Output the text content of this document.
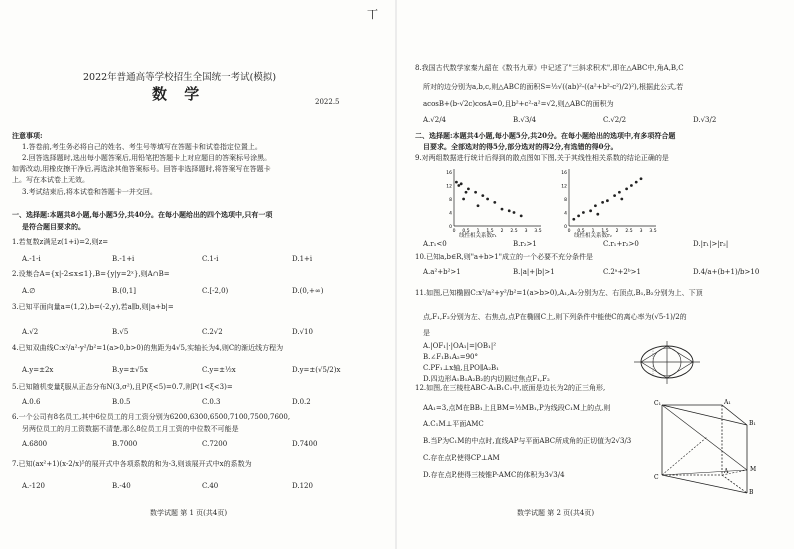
2022年普通高等学校招生全国统一考试(模拟)
数 学	2022.5
注意事项:
1.答卷前,考生务必将自己的姓名、考生号等填写在答题卡和试卷指定位置上。
2.回答选择题时,选出每小题答案后,用铅笔把答题卡上对应题目的答案标号涂黑。
如需改动,用橡皮擦干净后,再选涂其他答案标号。回答非选择题时,将答案写在答题卡
上。写在本试卷上无效。
3.考试结束后,将本试卷和答题卡一并交回。
一、选择题:本题共8小题,每小题5分,共40分。在每小题给出的四个选项中,只有一项
是符合题目要求的。
1.若复数z满足z(1+i)=2,则z=
A.-1-i	B.-1+i	C.1-i	D.1+i
2.设集合A={x|-2≤x≤1},B={y|y=2ˣ},则A∩B=
A.∅	B.(0,1]	C.[-2,0)	D.(0,+∞)
3.已知平面向量a=(1,2),b=(-2,y),若a∥b,则|a+b|=
A.√2	B.√5	C.2√2	D.√10
4.已知双曲线C:x²/a²-y²/b²=1(a>0,b>0)的焦距为4√5,实轴长为4,则C的渐近线方程为
A.y=±2x	B.y=±√5x	C.y=±½x	D.y=±(√5/2)x
5.已知随机变量ξ服从正态分布N(3,σ²),且P(ξ<5)=0.7,则P(1<ξ<3)=
A.0.6	B.0.5	C.0.3	D.0.2
6.一个公司有8名员工,其中6位员工的月工资分别为6200,6300,6500,7100,7500,7600,
另两位员工的月工资数据不清楚,那么8位员工月工资的中位数不可能是
A.6800	B.7000	C.7200	D.7400
7.已知(ax²+1)(x-2/x)⁵的展开式中各项系数的和为-3,则该展开式中x的系数为
A.-120	B.-40	C.40	D.120
数学试题 第 1 页(共4页)
丅
8.我国古代数学家秦九韶在《数书九章》中记述了"三斜求积术",即在△ABC中,角A,B,C
所对的边分别为a,b,c,则△ABC的面积S=½√((ab)²-((a²+b²-c²)/2)²),根据此公式,若
acosB+(b-√2c)cosA=0,且b²+c²-a²=√2,则△ABC的面积为
A.√2/4	B.√3/4	C.√2/2	D.√3/2
二、选择题:本题共4小题,每小题5分,共20分。在每小题给出的选项中,有多项符合题
目要求。全部选对的得5分,部分选对的得2分,有选错的得0分。
9.对两组数据进行统计后得到的散点图如下图,关于其线性相关系数的结论正确的是
0
4
8
12
16
0 0.5 1 1.5 2 2.5 3 3.5
0
4
8
12
16
0 0.5 1 1.5 2 2.5 3 3.5
线性相关系数r₁	线性相关系数r₂
A.r₁<0	B.r₂>1	C.r₁+r₂>0	D.|r₁|>|r₂|
10.已知a,b∈R,则"a+b>1"成立的一个必要不充分条件是
A.a²+b²>1	B.|a|+|b|>1	C.2ᵃ+2ᵇ>1	D.4/a+(b+1)/b>10
11.如图,已知椭圆C:x²/a²+y²/b²=1(a>b>0),A₁,A₂分别为左、右顶点,B₁,B₂分别为上、下顶
点,F₁,F₂分别为左、右焦点,点P在椭圆C上,则下列条件中能使C的离心率为(√5-1)/2的
是
A.|OF₁|·|OA₁|=|OB₁|²
B.∠F₁B₁A₂=90°
C.PF₁⊥x轴,且PO∥A₂B₁
D.四边形A₁B₁A₂B₂的内切圆过焦点F₁,F₂
12.如图,在三棱柱ABC-A₁B₁C₁中,底面是边长为2的正三角形,
AA₁=3,点M在BB₁上且BM=½MB₁,P为线段C₁M上的点,则
A.C₁M⊥平面AMC
B.当P为C₁M的中点时,直线AP与平面ABC所成角的正切值为2√3/3
C.存在点P,使得CP⊥AM
D.存在点P,使得三棱锥P-AMC的体积为3√3/4
C₁	A₁
B₁
M
C
A
B
数学试题 第 2 页(共4页)
